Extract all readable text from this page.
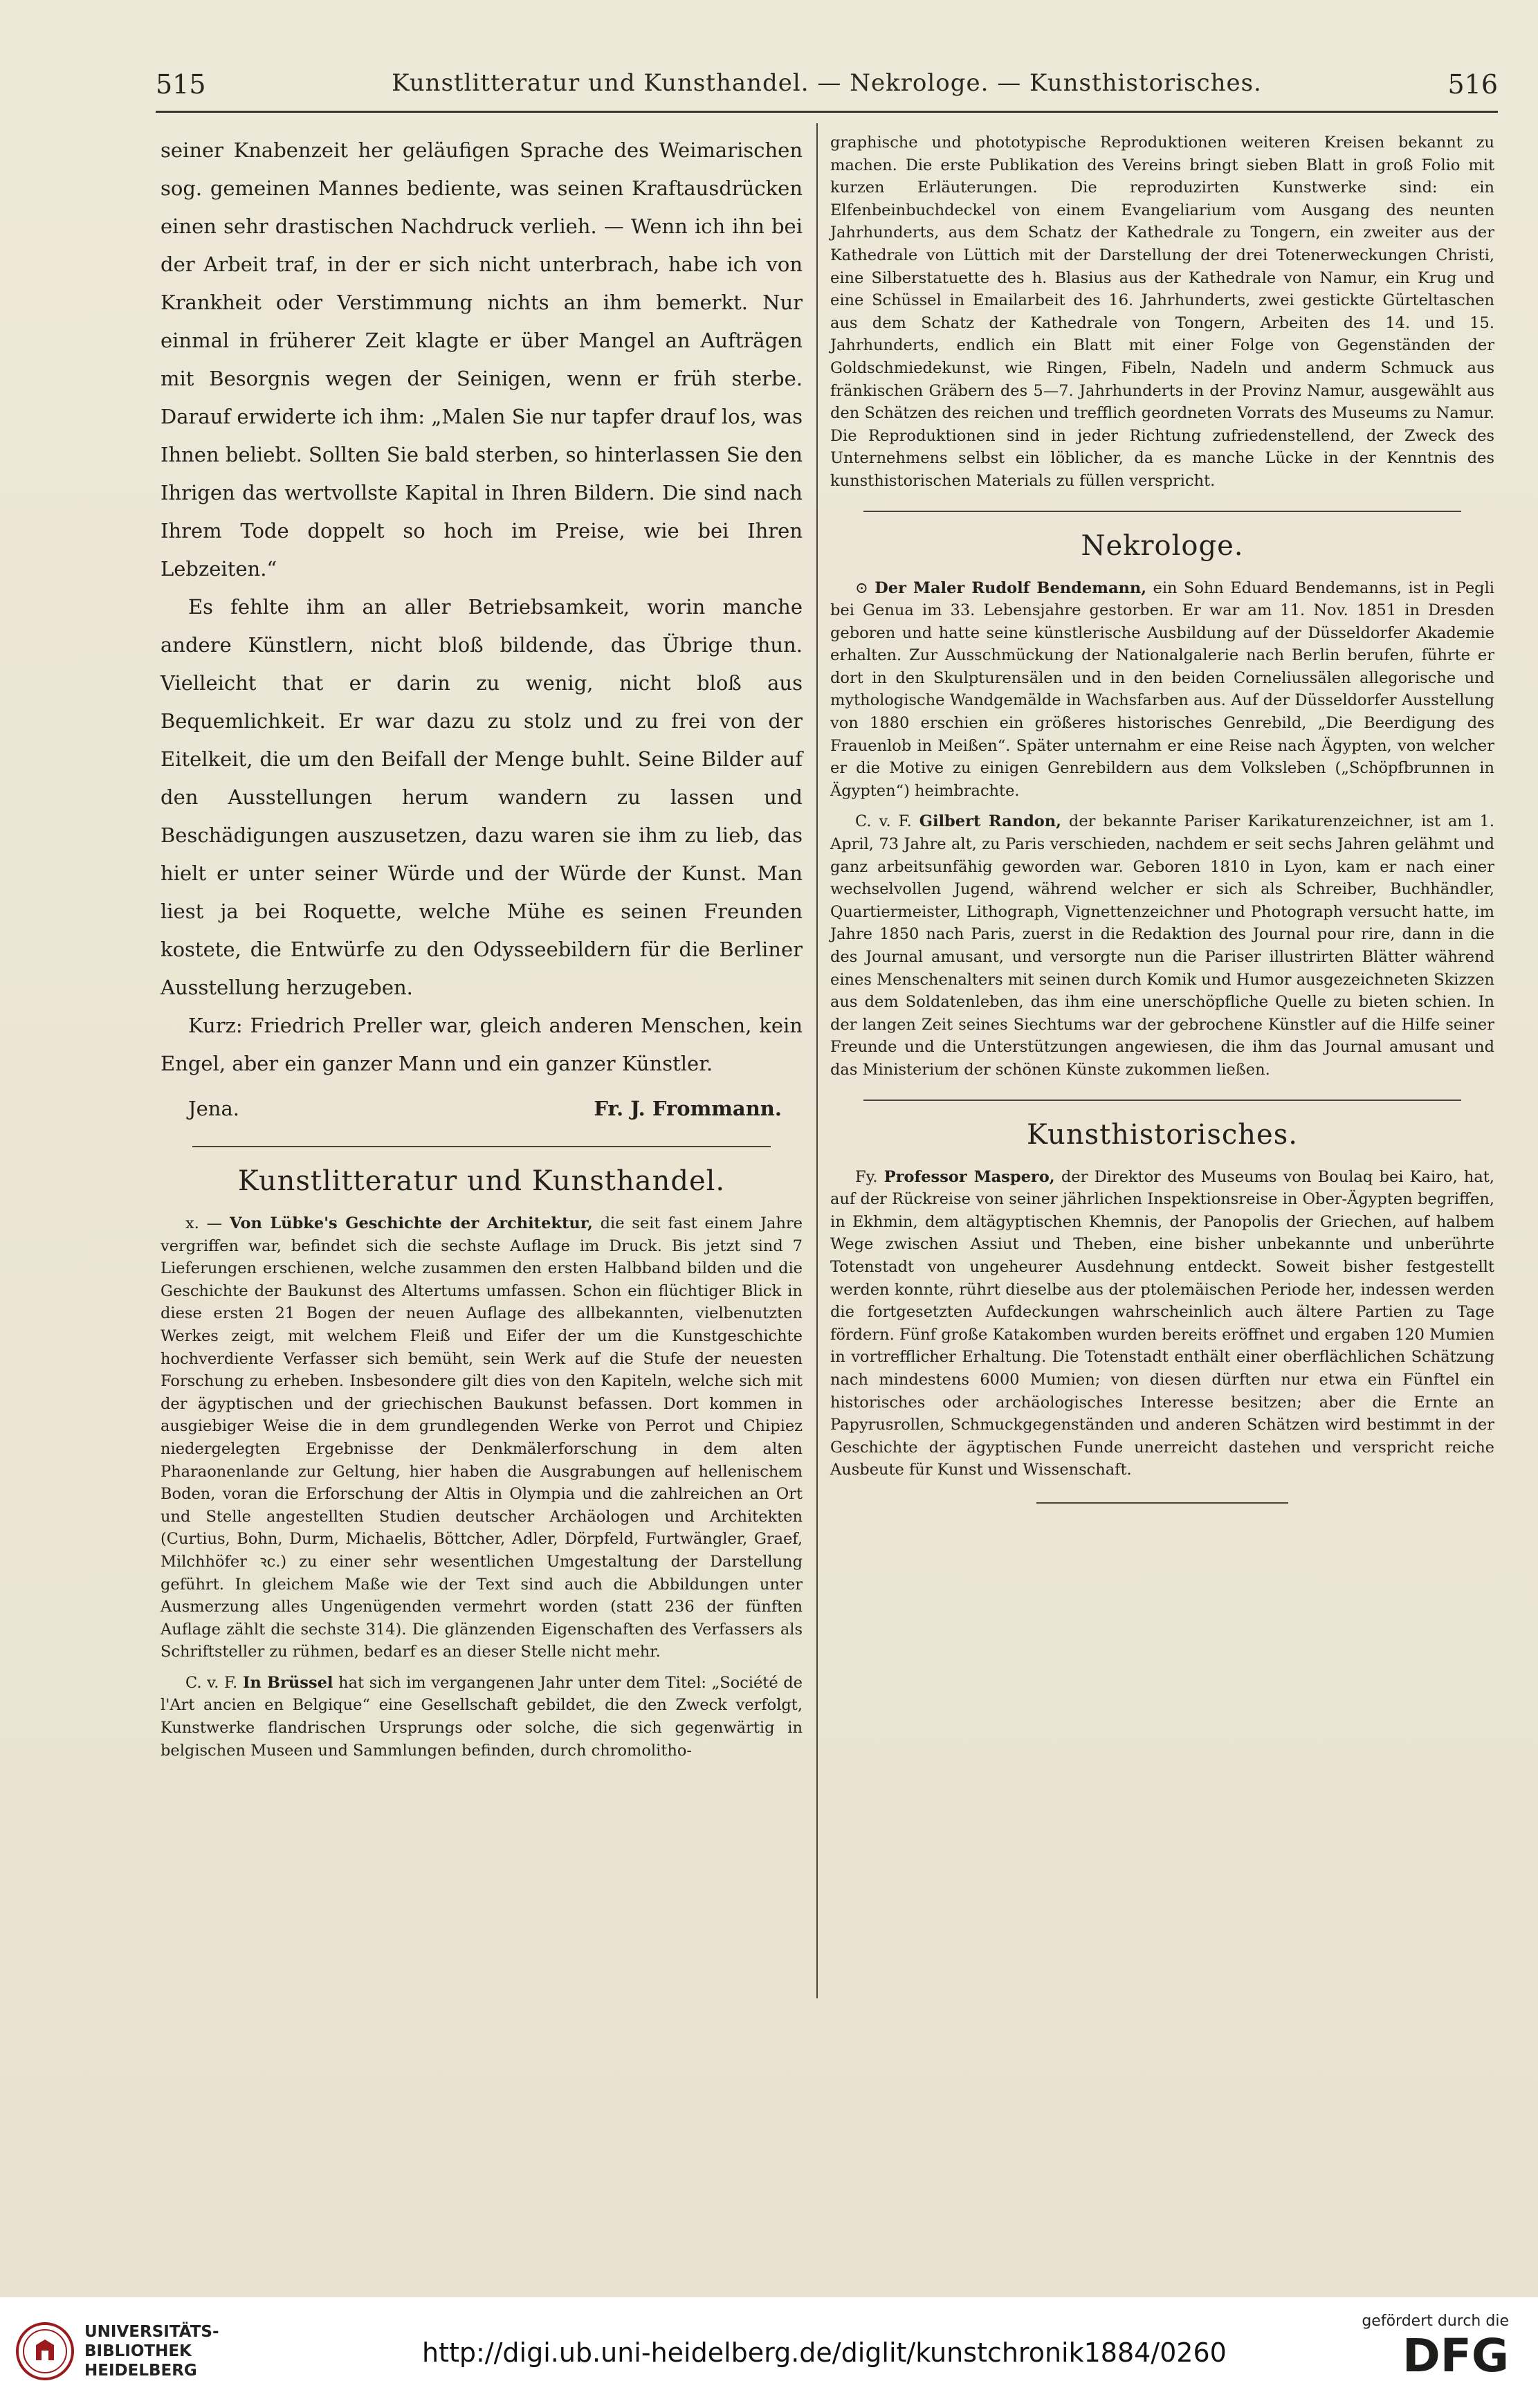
515	Kunstlitteratur und Kunsthandel. — Nekrologe. — Kunsthistorisches.	516

seiner Knabenzeit her geläufigen Sprache des Weimarischen sog. gemeinen Mannes bediente, was seinen Kraftausdrücken einen sehr drastischen Nachdruck verlieh. — Wenn ich ihn bei der Arbeit traf, in der er sich nicht unterbrach, habe ich von Krankheit oder Verstimmung nichts an ihm bemerkt. Nur einmal in früherer Zeit klagte er über Mangel an Aufträgen mit Besorgnis wegen der Seinigen, wenn er früh sterbe. Darauf erwiderte ich ihm: „Malen Sie nur tapfer drauf los, was Ihnen beliebt. Sollten Sie bald sterben, so hinterlassen Sie den Ihrigen das wertvollste Kapital in Ihren Bildern. Die sind nach Ihrem Tode doppelt so hoch im Preise, wie bei Ihren Lebzeiten.“

Es fehlte ihm an aller Betriebsamkeit, worin manche andere Künstlern, nicht bloß bildende, das Übrige thun. Vielleicht that er darin zu wenig, nicht bloß aus Bequemlichkeit. Er war dazu zu stolz und zu frei von der Eitelkeit, die um den Beifall der Menge buhlt. Seine Bilder auf den Ausstellungen herum wandern zu lassen und Beschädigungen auszusetzen, dazu waren sie ihm zu lieb, das hielt er unter seiner Würde und der Würde der Kunst. Man liest ja bei Roquette, welche Mühe es seinen Freunden kostete, die Entwürfe zu den Odysseebildern für die Berliner Ausstellung herzugeben.

Kurz: Friedrich Preller war, gleich anderen Menschen, kein Engel, aber ein ganzer Mann und ein ganzer Künstler.

Jena.	Fr. J. Frommann.
Kunstlitteratur und Kunsthandel.

x. — Von Lübke's Geschichte der Architektur, die seit fast einem Jahre vergriffen war, befindet sich die sechste Auflage im Druck. Bis jetzt sind 7 Lieferungen erschienen, welche zusammen den ersten Halbband bilden und die Geschichte der Baukunst des Altertums umfassen. Schon ein flüchtiger Blick in diese ersten 21 Bogen der neuen Auflage des allbekannten, vielbenutzten Werkes zeigt, mit welchem Fleiß und Eifer der um die Kunstgeschichte hochverdiente Verfasser sich bemüht, sein Werk auf die Stufe der neuesten Forschung zu erheben. Insbesondere gilt dies von den Kapiteln, welche sich mit der ägyptischen und der griechischen Baukunst befassen. Dort kommen in ausgiebiger Weise die in dem grundlegenden Werke von Perrot und Chipiez niedergelegten Ergebnisse der Denkmälerforschung in dem alten Pharaonenlande zur Geltung, hier haben die Ausgrabungen auf hellenischem Boden, voran die Erforschung der Altis in Olympia und die zahlreichen an Ort und Stelle angestellten Studien deutscher Archäologen und Architekten (Curtius, Bohn, Durm, Michaelis, Böttcher, Adler, Dörpfeld, Furtwängler, Graef, Milchhöfer ꝛc.) zu einer sehr wesentlichen Umgestaltung der Darstellung geführt. In gleichem Maße wie der Text sind auch die Abbildungen unter Ausmerzung alles Ungenügenden vermehrt worden (statt 236 der fünften Auflage zählt die sechste 314). Die glänzenden Eigenschaften des Verfassers als Schriftsteller zu rühmen, bedarf es an dieser Stelle nicht mehr.

C. v. F. In Brüssel hat sich im vergangenen Jahr unter dem Titel: „Société de l'Art ancien en Belgique“ eine Gesellschaft gebildet, die den Zweck verfolgt, Kunstwerke flandrischen Ursprungs oder solche, die sich gegenwärtig in belgischen Museen und Sammlungen befinden, durch chromolitho-

graphische und phototypische Reproduktionen weiteren Kreisen bekannt zu machen. Die erste Publikation des Vereins bringt sieben Blatt in groß Folio mit kurzen Erläuterungen. Die reproduzirten Kunstwerke sind: ein Elfenbeinbuchdeckel von einem Evangeliarium vom Ausgang des neunten Jahrhunderts, aus dem Schatz der Kathedrale zu Tongern, ein zweiter aus der Kathedrale von Lüttich mit der Darstellung der drei Totenerweckungen Christi, eine Silberstatuette des h. Blasius aus der Kathedrale von Namur, ein Krug und eine Schüssel in Emailarbeit des 16. Jahrhunderts, zwei gestickte Gürteltaschen aus dem Schatz der Kathedrale von Tongern, Arbeiten des 14. und 15. Jahrhunderts, endlich ein Blatt mit einer Folge von Gegenständen der Goldschmiedekunst, wie Ringen, Fibeln, Nadeln und anderm Schmuck aus fränkischen Gräbern des 5—7. Jahrhunderts in der Provinz Namur, ausgewählt aus den Schätzen des reichen und trefflich geordneten Vorrats des Museums zu Namur. Die Reproduktionen sind in jeder Richtung zufriedenstellend, der Zweck des Unternehmens selbst ein löblicher, da es manche Lücke in der Kenntnis des kunsthistorischen Materials zu füllen verspricht.

Nekrologe.

⊙ Der Maler Rudolf Bendemann, ein Sohn Eduard Bendemanns, ist in Pegli bei Genua im 33. Lebensjahre gestorben. Er war am 11. Nov. 1851 in Dresden geboren und hatte seine künstlerische Ausbildung auf der Düsseldorfer Akademie erhalten. Zur Ausschmückung der Nationalgalerie nach Berlin berufen, führte er dort in den Skulpturensälen und in den beiden Corneliussälen allegorische und mythologische Wandgemälde in Wachsfarben aus. Auf der Düsseldorfer Ausstellung von 1880 erschien ein größeres historisches Genrebild, „Die Beerdigung des Frauenlob in Meißen“. Später unternahm er eine Reise nach Ägypten, von welcher er die Motive zu einigen Genrebildern aus dem Volksleben („Schöpfbrunnen in Ägypten“) heimbrachte.

C. v. F. Gilbert Randon, der bekannte Pariser Karikaturenzeichner, ist am 1. April, 73 Jahre alt, zu Paris verschieden, nachdem er seit sechs Jahren gelähmt und ganz arbeitsunfähig geworden war. Geboren 1810 in Lyon, kam er nach einer wechselvollen Jugend, während welcher er sich als Schreiber, Buchhändler, Quartiermeister, Lithograph, Vignettenzeichner und Photograph versucht hatte, im Jahre 1850 nach Paris, zuerst in die Redaktion des Journal pour rire, dann in die des Journal amusant, und versorgte nun die Pariser illustrirten Blätter während eines Menschenalters mit seinen durch Komik und Humor ausgezeichneten Skizzen aus dem Soldatenleben, das ihm eine unerschöpfliche Quelle zu bieten schien. In der langen Zeit seines Siechtums war der gebrochene Künstler auf die Hilfe seiner Freunde und die Unterstützungen angewiesen, die ihm das Journal amusant und das Ministerium der schönen Künste zukommen ließen.

Kunsthistorisches.

Fy. Professor Maspero, der Direktor des Museums von Boulaq bei Kairo, hat, auf der Rückreise von seiner jährlichen Inspektionsreise in Ober-Ägypten begriffen, in Ekhmin, dem altägyptischen Khemnis, der Panopolis der Griechen, auf halbem Wege zwischen Assiut und Theben, eine bisher unbekannte und unberührte Totenstadt von ungeheurer Ausdehnung entdeckt. Soweit bisher festgestellt werden konnte, rührt dieselbe aus der ptolemäischen Periode her, indessen werden die fortgesetzten Aufdeckungen wahrscheinlich auch ältere Partien zu Tage fördern. Fünf große Katakomben wurden bereits eröffnet und ergaben 120 Mumien in vortrefflicher Erhaltung. Die Totenstadt enthält einer oberflächlichen Schätzung nach mindestens 6000 Mumien; von diesen dürften nur etwa ein Fünftel ein historisches oder archäologisches Interesse besitzen; aber die Ernte an Papyrusrollen, Schmuckgegenständen und anderen Schätzen wird bestimmt in der Geschichte der ägyptischen Funde unerreicht dastehen und verspricht reiche Ausbeute für Kunst und Wissenschaft.

UNIVERSITÄTS-
BIBLIOTHEK
HEIDELBERG
http://digi.ub.uni-heidelberg.de/diglit/kunstchronik1884/0260
gefördert durch die
DFG
